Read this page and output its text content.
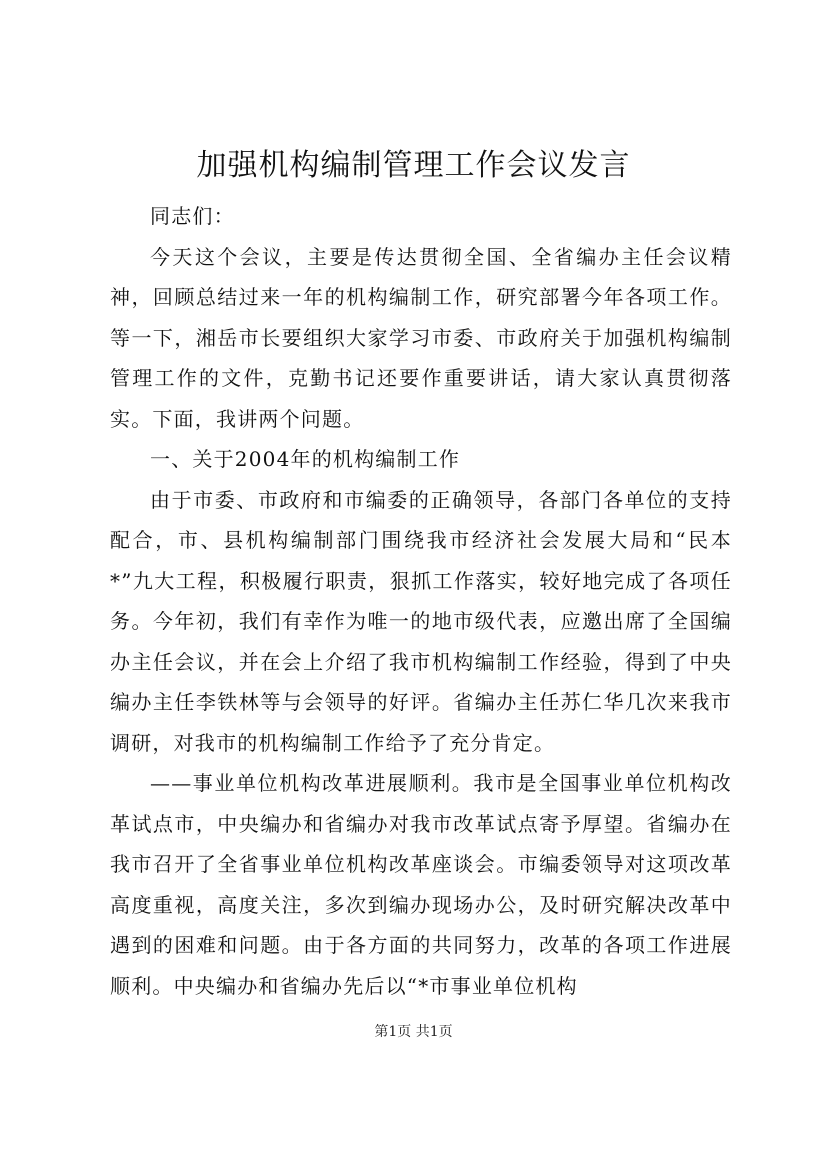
加强机构编制管理工作会议发言

同志们：

今天这个会议，主要是传达贯彻全国、全省编办主任会议精神，回顾总结过来一年的机构编制工作，研究部署今年各项工作。等一下，湘岳市长要组织大家学习市委、市政府关于加强机构编制管理工作的文件，克勤书记还要作重要讲话，请大家认真贯彻落实。下面，我讲两个问题。

一、关于2004年的机构编制工作

由于市委、市政府和市编委的正确领导，各部门各单位的支持配合，市、县机构编制部门围绕我市经济社会发展大局和“民本*”九大工程，积极履行职责，狠抓工作落实，较好地完成了各项任务。今年初，我们有幸作为唯一的地市级代表，应邀出席了全国编办主任会议，并在会上介绍了我市机构编制工作经验，得到了中央编办主任李铁林等与会领导的好评。省编办主任苏仁华几次来我市调研，对我市的机构编制工作给予了充分肯定。

——事业单位机构改革进展顺利。我市是全国事业单位机构改革试点市，中央编办和省编办对我市改革试点寄予厚望。省编办在我市召开了全省事业单位机构改革座谈会。市编委领导对这项改革高度重视，高度关注，多次到编办现场办公，及时研究解决改革中遇到的困难和问题。由于各方面的共同努力，改革的各项工作进展顺利。中央编办和省编办先后以“*市事业单位机构

第1页 共1页
